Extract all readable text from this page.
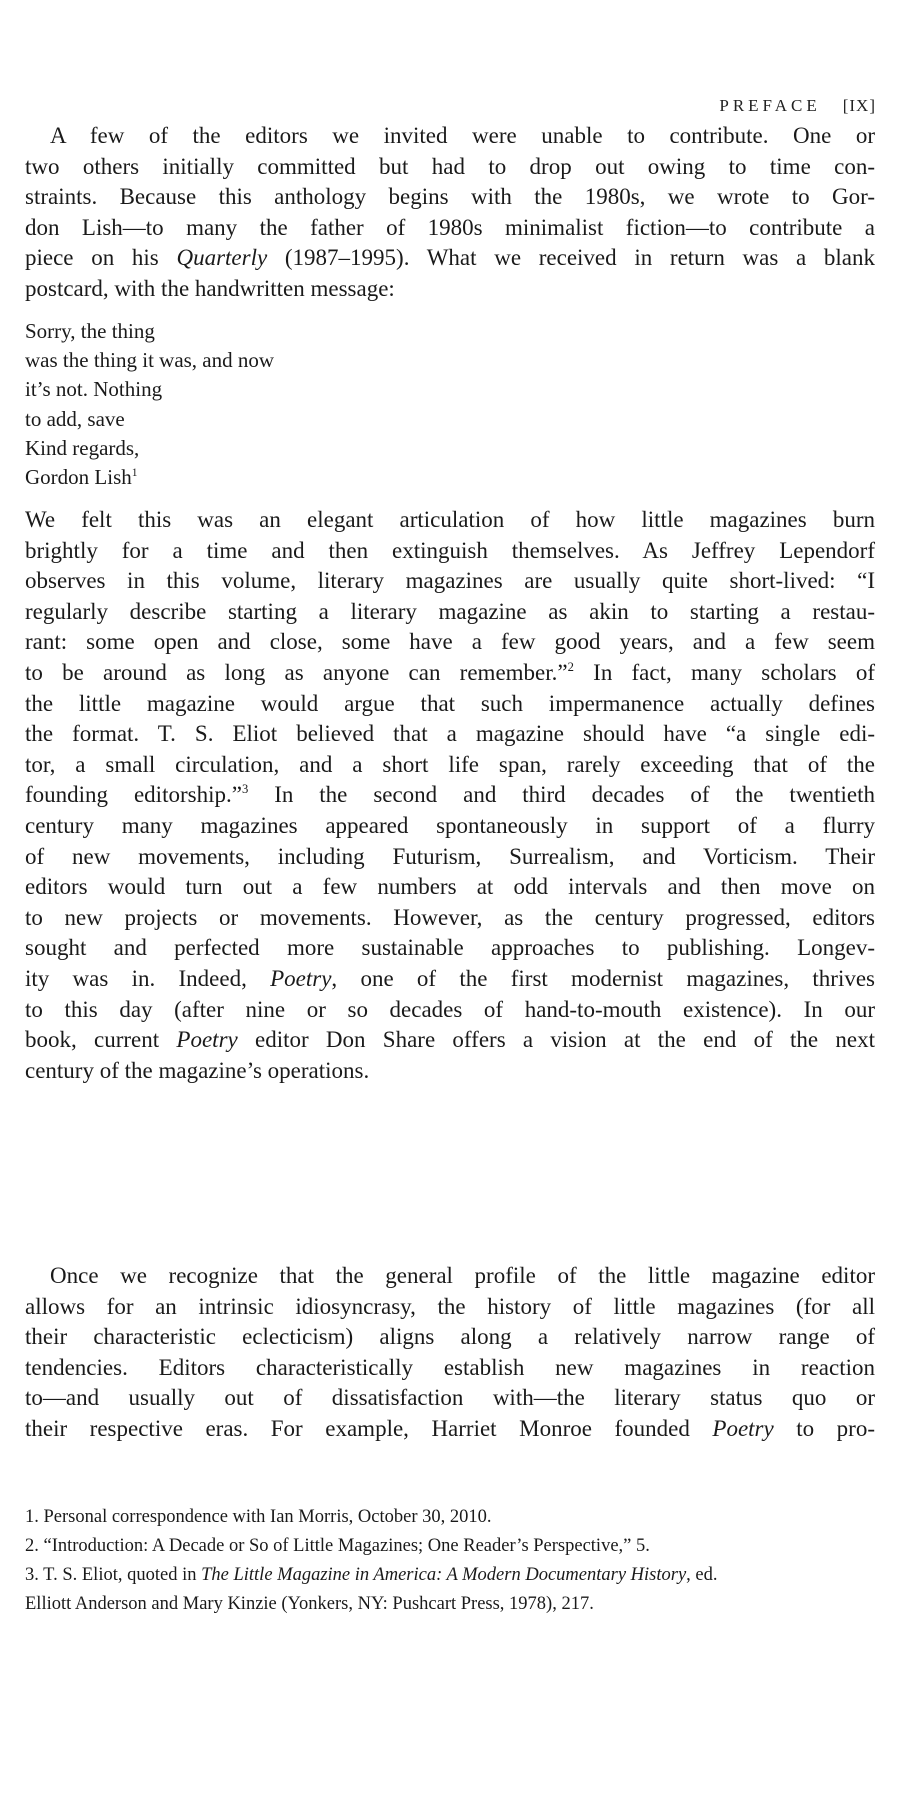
PREFACE [IX]
A few of the editors we invited were unable to contribute. One or
two others initially committed but had to drop out owing to time con-
straints. Because this anthology begins with the 1980s, we wrote to Gor-
don Lish—to many the father of 1980s minimalist fiction—to contribute a
piece on his Quarterly (1987–1995). What we received in return was a blank
postcard, with the handwritten message:
Sorry, the thing
was the thing it was, and now
it’s not. Nothing
to add, save
Kind regards,
Gordon Lish$^1$
We felt this was an elegant articulation of how little magazines burn
brightly for a time and then extinguish themselves. As Jeffrey Lependorf
observes in this volume, literary magazines are usually quite short-lived: “I
regularly describe starting a literary magazine as akin to starting a restau-
rant: some open and close, some have a few good years, and a few seem
to be around as long as anyone can remember.”$^2$ In fact, many scholars of
the little magazine would argue that such impermanence actually defines
the format. T. S. Eliot believed that a magazine should have “a single edi-
tor, a small circulation, and a short life span, rarely exceeding that of the
founding editorship.”$^3$ In the second and third decades of the twentieth
century many magazines appeared spontaneously in support of a flurry
of new movements, including Futurism, Surrealism, and Vorticism. Their
editors would turn out a few numbers at odd intervals and then move on
to new projects or movements. However, as the century progressed, editors
sought and perfected more sustainable approaches to publishing. Longev-
ity was in. Indeed, Poetry, one of the first modernist magazines, thrives
to this day (after nine or so decades of hand-to-mouth existence). In our
book, current Poetry editor Don Share offers a vision at the end of the next
century of the magazine’s operations.
Once we recognize that the general profile of the little magazine editor
allows for an intrinsic idiosyncrasy, the history of little magazines (for all
their characteristic eclecticism) aligns along a relatively narrow range of
tendencies. Editors characteristically establish new magazines in reaction
to—and usually out of dissatisfaction with—the literary status quo or
their respective eras. For example, Harriet Monroe founded Poetry to pro-
1. Personal correspondence with Ian Morris, October 30, 2010.
2. “Introduction: A Decade or So of Little Magazines; One Reader’s Perspective,” 5.
3. T. S. Eliot, quoted in The Little Magazine in America: A Modern Documentary History, ed.
Elliott Anderson and Mary Kinzie (Yonkers, NY: Pushcart Press, 1978), 217.
